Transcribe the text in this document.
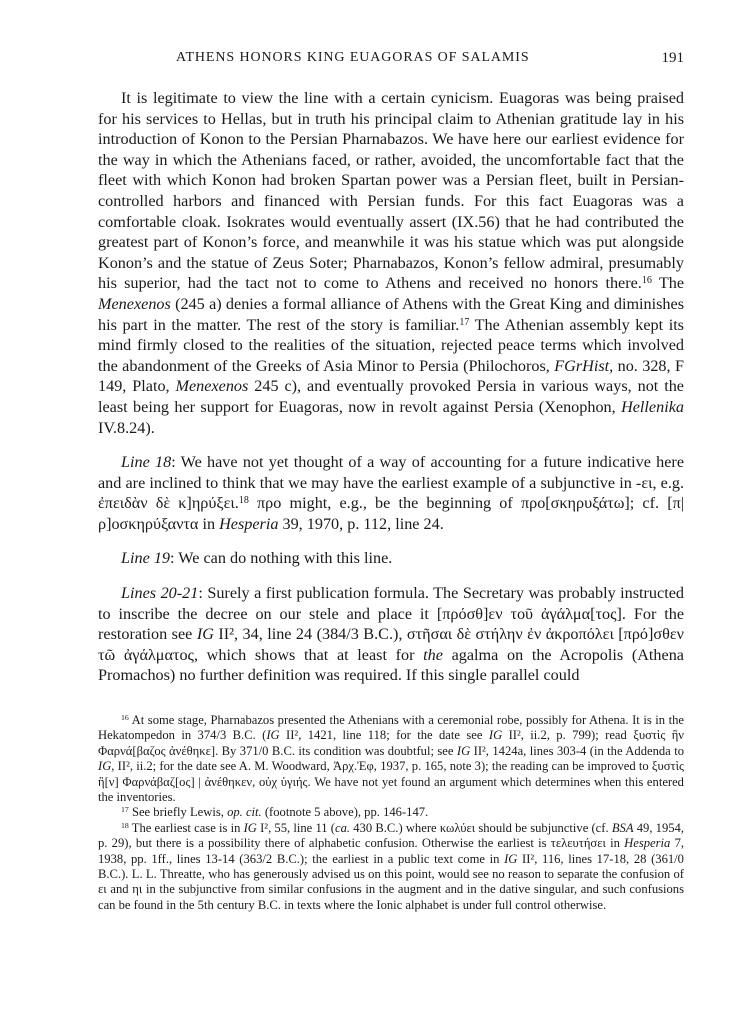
ATHENS HONORS KING EUAGORAS OF SALAMIS	191

It is legitimate to view the line with a certain cynicism. Euagoras was being praised for his services to Hellas, but in truth his principal claim to Athenian gratitude lay in his introduction of Konon to the Persian Pharnabazos. We have here our earliest evidence for the way in which the Athenians faced, or rather, avoided, the uncomfortable fact that the fleet with which Konon had broken Spartan power was a Persian fleet, built in Persian-controlled harbors and financed with Persian funds. For this fact Euagoras was a comfortable cloak. Isokrates would eventually assert (IX.56) that he had contributed the greatest part of Konon’s force, and meanwhile it was his statue which was put alongside Konon’s and the statue of Zeus Soter; Pharnabazos, Konon’s fellow admiral, presumably his superior, had the tact not to come to Athens and received no honors there.$^{16}$ The Menexenos (245 a) denies a formal alliance of Athens with the Great King and diminishes his part in the matter. The rest of the story is familiar.$^{17}$ The Athenian assembly kept its mind firmly closed to the realities of the situation, rejected peace terms which involved the abandonment of the Greeks of Asia Minor to Persia (Philochoros, FGrHist, no. 328, F 149, Plato, Menexenos 245 c), and eventually provoked Persia in various ways, not the least being her support for Euagoras, now in revolt against Persia (Xenophon, Hellenika IV.8.24).

Line 18: We have not yet thought of a way of accounting for a future indicative here and are inclined to think that we may have the earliest example of a subjunctive in -ει, e.g. ἐπειδὰν δὲ κ]ηρύξει.$^{18}$ προ might, e.g., be the beginning of προ[σκηρυξάτω]; cf. [π|ρ]οσκηρύξαντα in Hesperia 39, 1970, p. 112, line 24.

Line 19: We can do nothing with this line.

Lines 20-21: Surely a first publication formula. The Secretary was probably instructed to inscribe the decree on our stele and place it [πρόσθ]εν τοῦ ἀγάλμα[τος]. For the restoration see IG II², 34, line 24 (384/3 B.C.), στῆσαι δὲ στήλην ἐν ἀκροπόλει [πρό]σθεν τῶ ἀγάλματος, which shows that at least for the agalma on the Acropolis (Athena Promachos) no further definition was required. If this single parallel could

$^{16}$ At some stage, Pharnabazos presented the Athenians with a ceremonial robe, possibly for Athena. It is in the Hekatompedon in 374/3 B.C. (IG II², 1421, line 118; for the date see IG II², ii.2, p. 799); read ξυστὶς ἣν Φαρνά[βαζος ἀνέθηκε]. By 371/0 B.C. its condition was doubtful; see IG II², 1424a, lines 303-4 (in the Addenda to IG, II², ii.2; for the date see A. M. Woodward, Ἀρχ.Ἐφ, 1937, p. 165, note 3); the reading can be improved to ξυστὶς ἣ[ν] Φαρνάβαζ[ος] | ἀνέθηκεν, οὐχ ὑγιής. We have not yet found an argument which determines when this entered the inventories.

$^{17}$ See briefly Lewis, op. cit. (footnote 5 above), pp. 146-147.

$^{18}$ The earliest case is in IG I², 55, line 11 (ca. 430 B.C.) where κωλύει should be subjunctive (cf. BSA 49, 1954, p. 29), but there is a possibility there of alphabetic confusion. Otherwise the earliest is τελευτήσει in Hesperia 7, 1938, pp. 1ff., lines 13-14 (363/2 B.C.); the earliest in a public text come in IG II², 116, lines 17-18, 28 (361/0 B.C.). L. L. Threatte, who has generously advised us on this point, would see no reason to separate the confusion of ει and ηι in the subjunctive from similar confusions in the augment and in the dative singular, and such confusions can be found in the 5th century B.C. in texts where the Ionic alphabet is under full control otherwise.
